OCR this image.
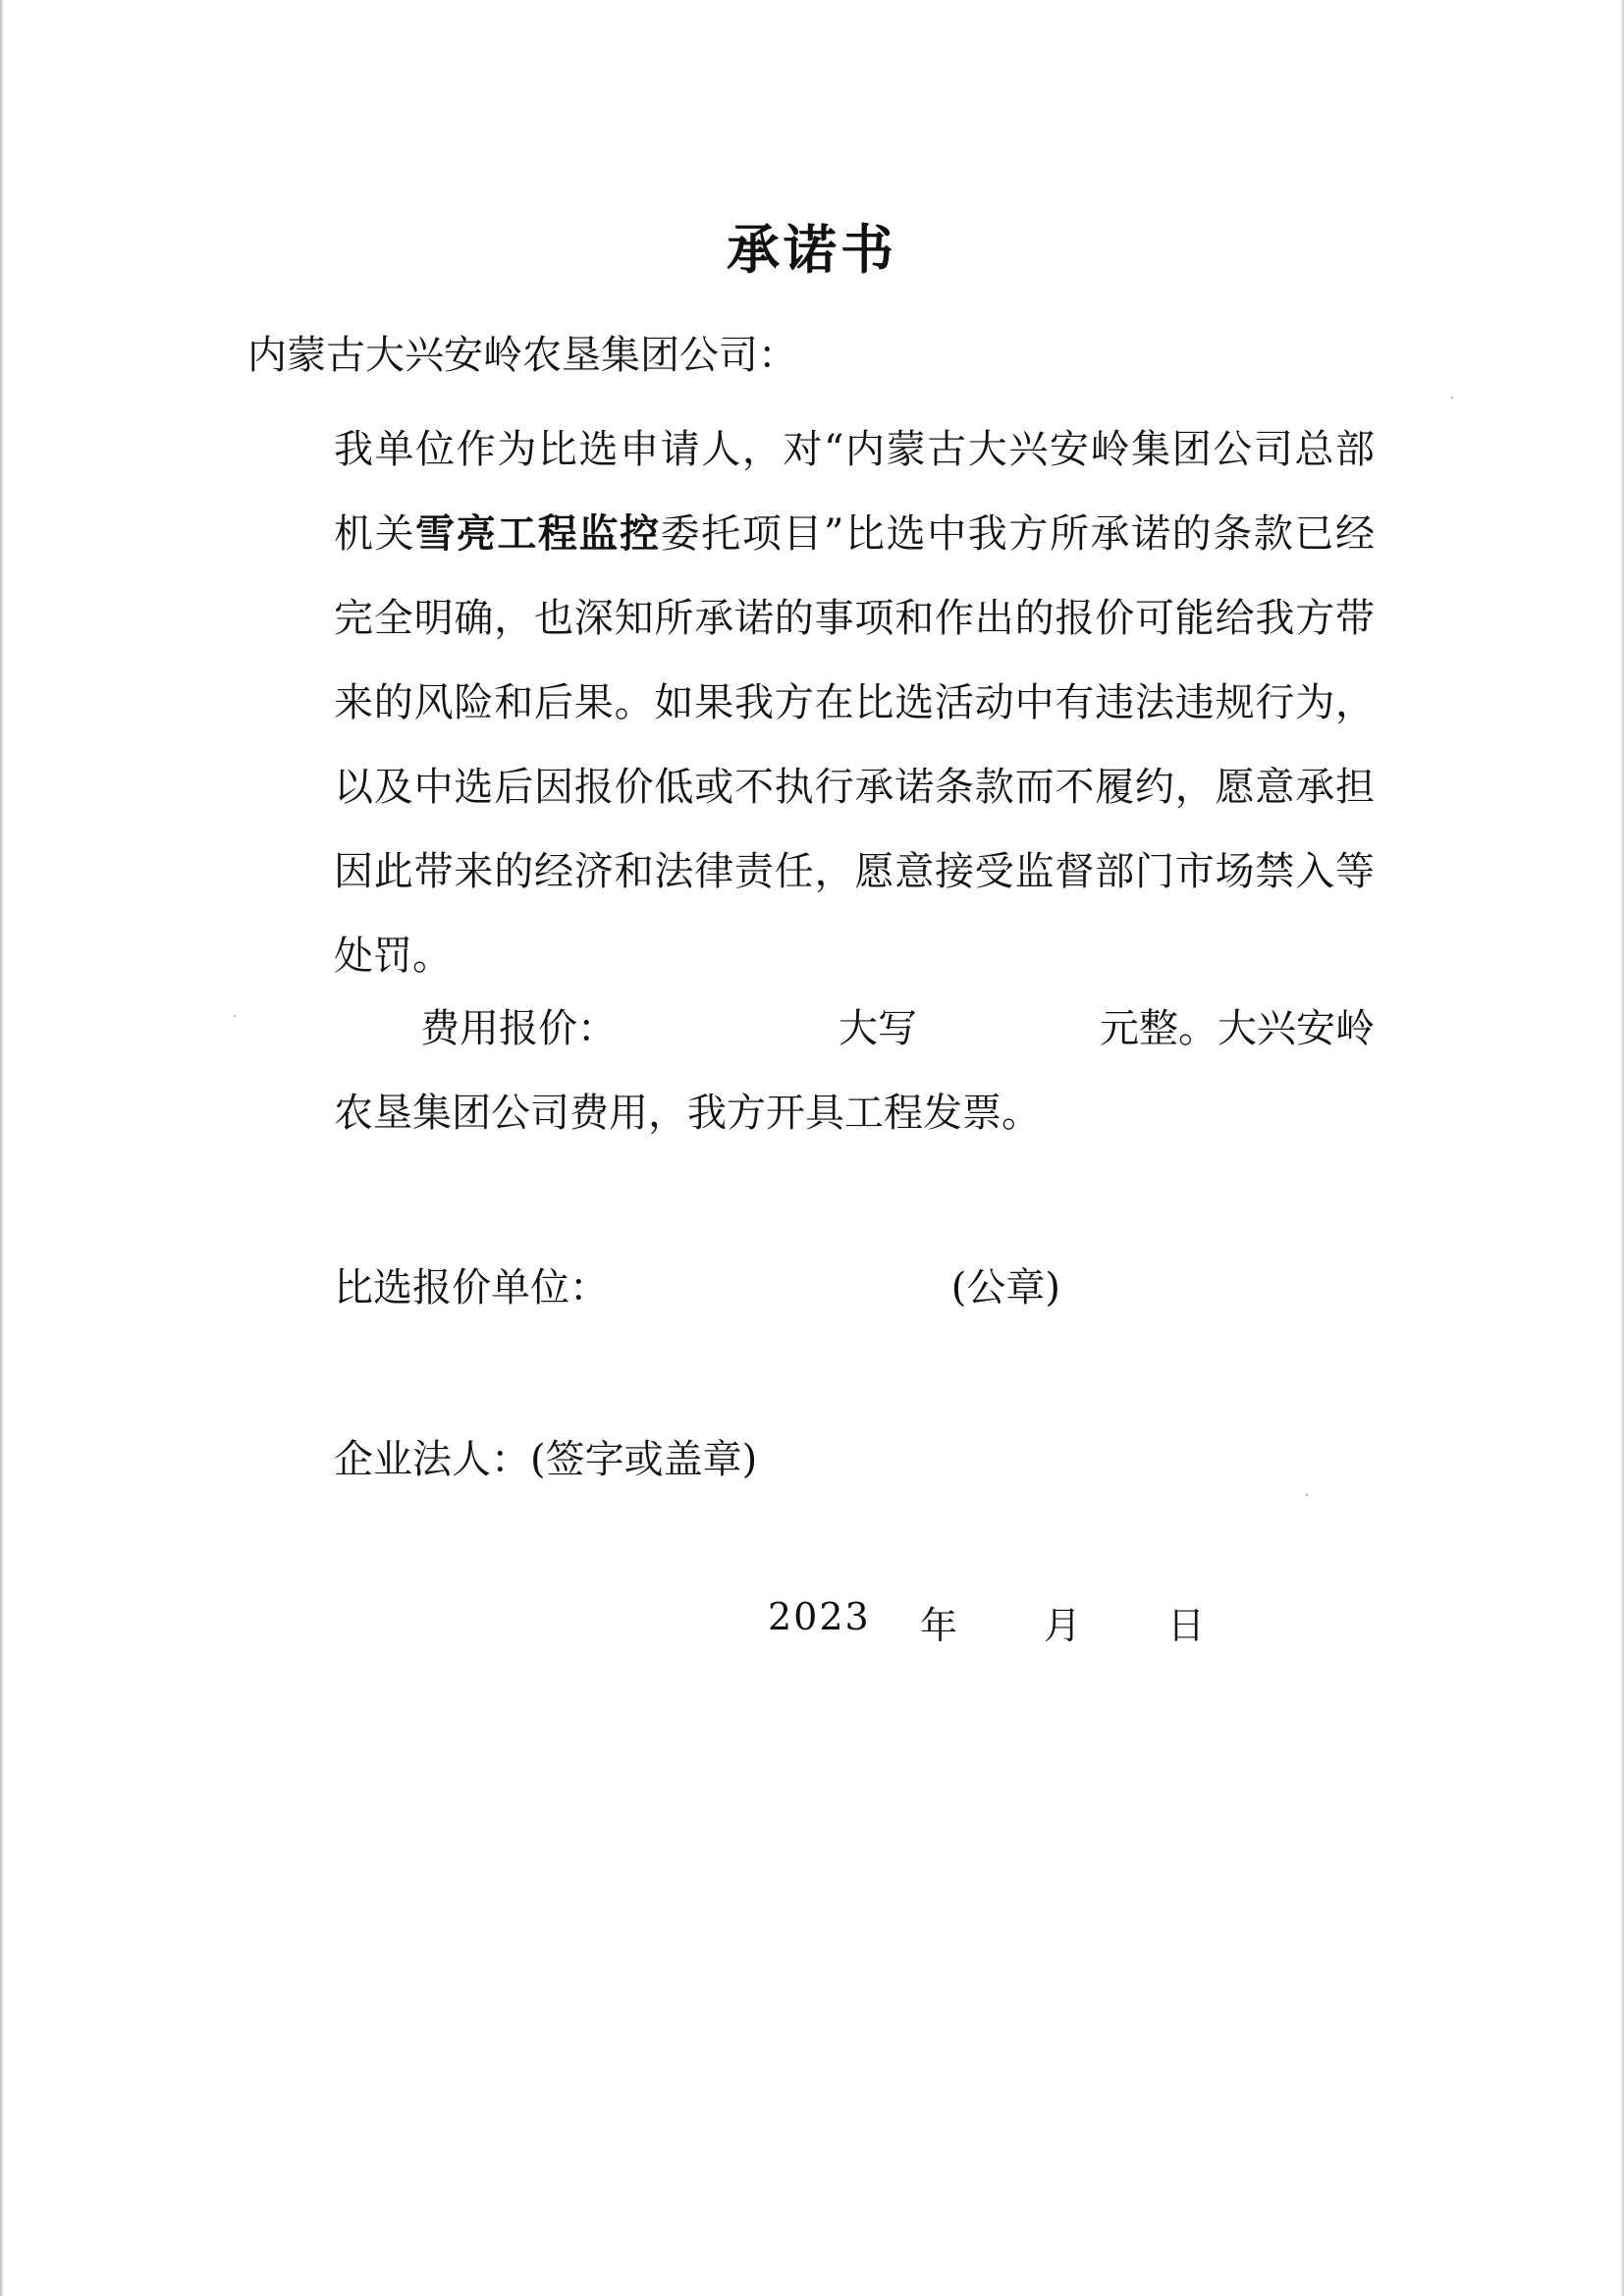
承诺书

内蒙古大兴安岭农垦集团公司：

我单位作为比选申请人，对“内蒙古大兴安岭集团公司总部机关雪亮工程监控委托项目”比选中我方所承诺的条款已经完全明确，也深知所承诺的事项和作出的报价可能给我方带来的风险和后果。如果我方在比选活动中有违法违规行为，以及中选后因报价低或不执行承诺条款而不履约，愿意承担因此带来的经济和法律责任，愿意接受监督部门市场禁入等处罚。

费用报价：	大写	元整。大兴安岭
农垦集团公司费用，我方开具工程发票。
比选报价单位：	(公章)

企业法人：(签字或盖章)

2023	年	月	日
